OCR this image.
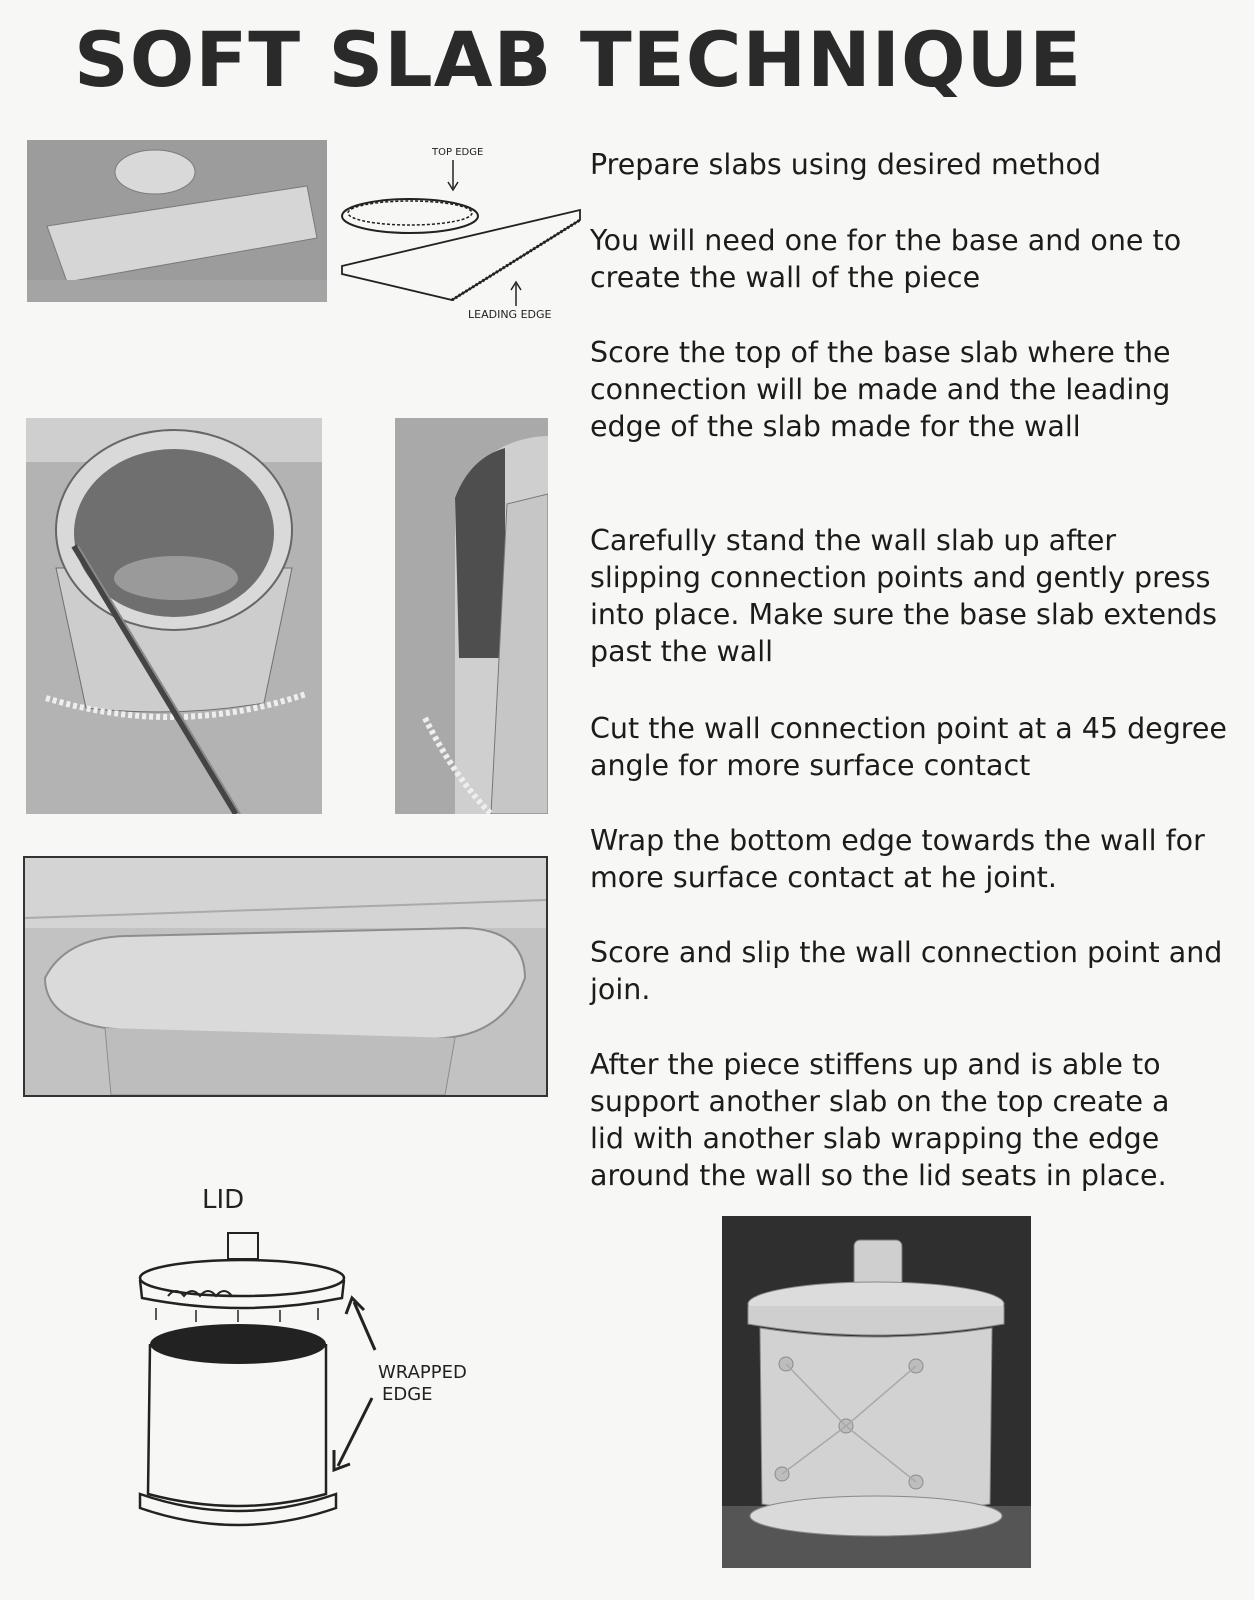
SOFT SLAB TECHNIQUE
TOP EDGE
LEADING EDGE
LID
WRAPPED
EDGE

Prepare slabs using desired method

You will need one for the base and one to create the wall of the piece

Score the top of the base slab where the connection will be made and the leading edge of the slab made for the wall

Carefully stand the wall slab up after slipping connection points and gently press into place. Make sure the base slab extends past the wall

Cut the wall connection point at a 45 degree angle for more surface contact

Wrap the bottom edge towards the wall for more surface contact at he joint.

Score and slip the wall connection point and join.

After the piece stiffens up and is able to support another slab on the top create a lid with another slab wrapping the edge around the wall so the lid seats in place.
